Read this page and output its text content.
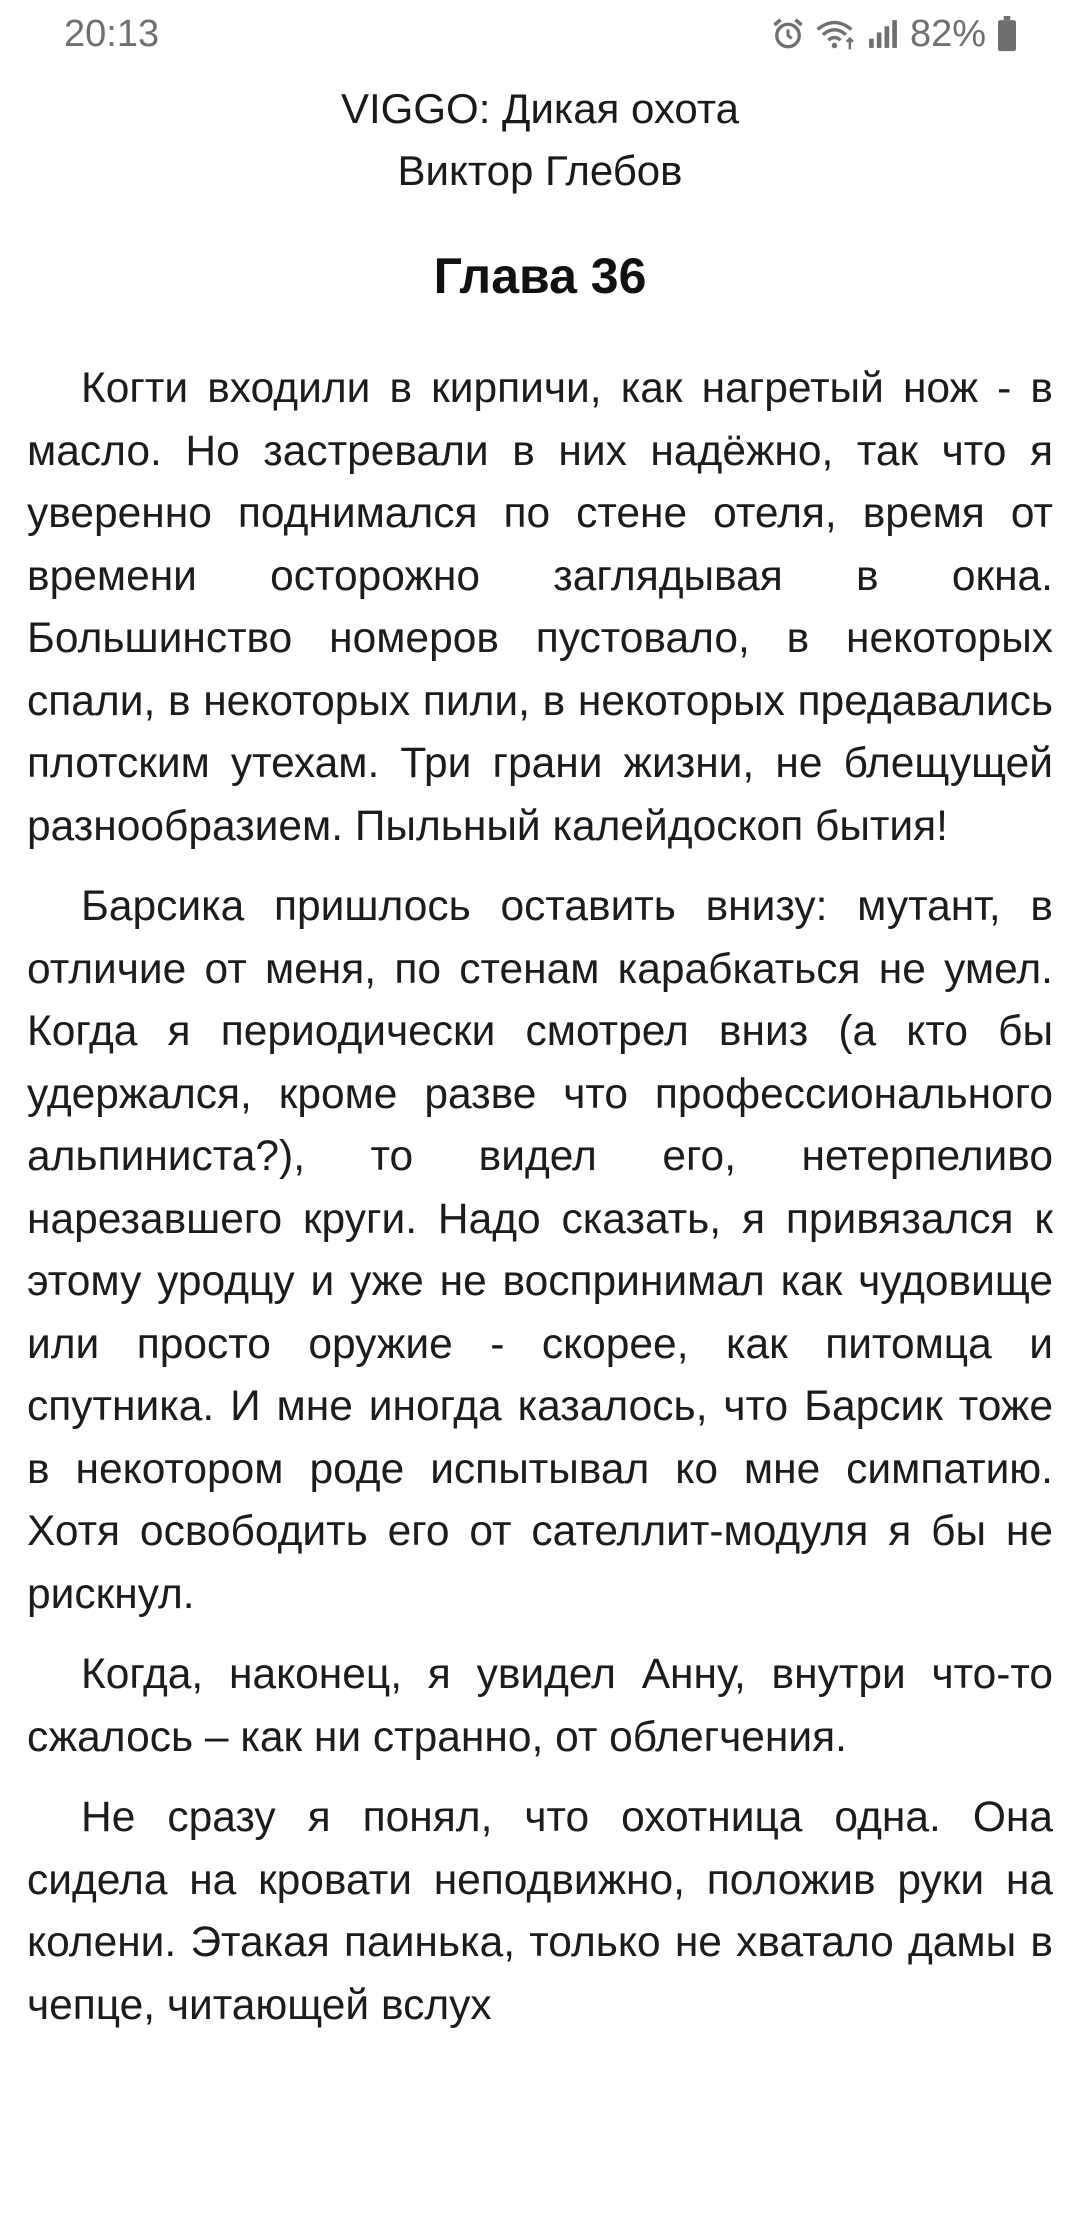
20:13	82%
VIGGO: Дикая охота
Виктор Глебов
Глава 36

Когти входили в кирпичи, как нагретый нож - в масло. Но застревали в них надёжно, так что я уверенно поднимался по стене отеля, время от времени осторожно заглядывая в окна. Большинство номеров пустовало, в некоторых спали, в некоторых пили, в некоторых предавались плотским утехам. Три грани жизни, не блещущей разнообразием. Пыльный калейдоскоп бытия!

Барсика пришлось оставить внизу: мутант, в отличие от меня, по стенам карабкаться не умел. Когда я периодически смотрел вниз (а кто бы удержался, кроме разве что профессионального альпиниста?), то видел его, нетерпеливо нарезавшего круги. Надо сказать, я привязался к этому уродцу и уже не воспринимал как чудовище или просто оружие - скорее, как питомца и спутника. И мне иногда казалось, что Барсик тоже в некотором роде испытывал ко мне симпатию. Хотя освободить его от сателлит-модуля я бы не рискнул.

Когда, наконец, я увидел Анну, внутри что-то сжалось – как ни странно, от облегчения.

Не сразу я понял, что охотница одна. Она сидела на кровати неподвижно, положив руки на колени. Этакая паинька, только не хватало дамы в чепце, читающей вслух
